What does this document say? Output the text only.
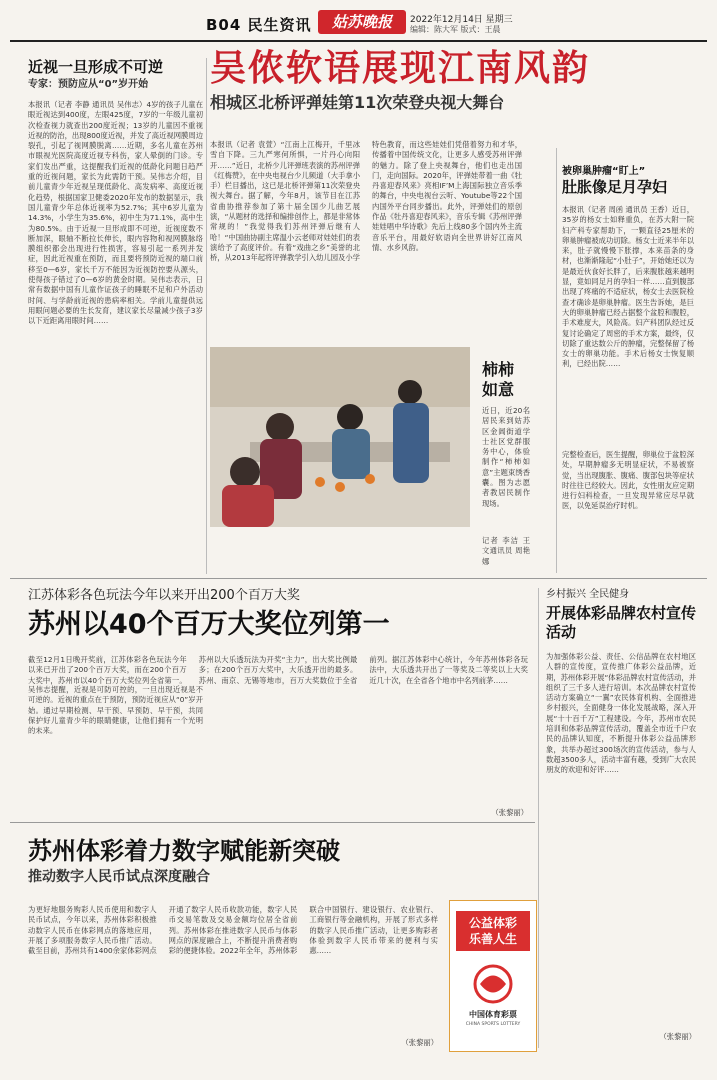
B04 民生资讯	姑苏晚报	2022年12月14日 星期三
编辑：陈大军 版式：王晨
近视一旦形成不可逆
专家：预防应从“0”岁开始
本报讯（记者 李静 通讯员 吴伟志）4岁的孩子儿童在眼近视达到400度，左眼425度，7岁的一年级儿童初次检查视力就查出200度近视；13岁的儿童因不重视近视的防治，出现800度近视，并发了高近视网膜周边裂孔，引起了视网膜脱离……近期，多名儿童在苏州市眼视光医院高度近视专科伤，家人晕倒的门诊。专家们发出严重，这提醒我们近视的低龄化问题日趋严重的近视问题，家长为此需防干预。吴伟志介绍，目前儿童青少年近视呈现低龄化、高发病率、高度近视化趋势，根据国家卫健委2020年发布的数据显示，我国儿童青少年总体近视率为52.7%；其中6岁儿童为14.3%，小学生为35.6%，初中生为71.1%，高中生为80.5%。由于近视一旦形成即不可逆，近视度数不断加深，眼轴不断拉长伸长，眼内容物和视网膜脉络膜组织都会出现进行性损害，容易引起一系列并发症，因此近视重在预防，而且要将预防近视的端口前移至0—6岁，家长千万不能因为近视防控要从源头，使得孩子错过了0—6岁的黄金时期。吴伟志表示，日常有数据中国有儿童作证孩子的睡眠不足和户外活动时间、与学龄前近视的患病率相关。学前儿童提供远用眼问题必要的生长发育，建议家长尽量减少孩子3岁以下近距离用眼时间……
吴伟志提醒，近视是可防可控的，一旦出现近视是不可逆的。近视的重点在于预防，预防近视应从“0”岁开始。通过早期检测、早干预、早预防、早干预，共同保护好儿童青少年的眼睛健康，让他们拥有一个光明的未来。
吴侬软语展现江南风韵
相城区北桥评弹娃第11次荣登央视大舞台
本报讯（记者 袁萱）“江南上江梅开，千里冰雪自下降。三九严寒何所惧，一片丹心向阳开……”近日，北桥少儿评弹班表演的苏州评弹《红梅赞》，在中央电视台少儿频道（大手拿小手）栏目播出，这已是北桥评弹第11次荣登央视大舞台。据了解，今年8月，该节目在江苏省曲协推荐参加了第十届全国少儿曲艺展演，“从题材的选择和编排创作上，都是非常体常规的！”我觉得我们苏州评弹后继有人哈！“中国曲协副主席温小云老师对娃娃们的表演给予了高度评价。有着“戏曲之乡”美誉的北桥，从2013年起将评弹教学引入幼儿园及小学
特色教育，而这些娃娃们凭借着努力和才华，传播着中国传统文化，让更多人感受苏州评弹的魅力。除了登上央视舞台，他们也走出国门，走向国际。2020年，评弹娃带着一曲《牡丹喜迎春风来》亮相IF’M上海国际独立音乐季的舞台，中央电视台云听、Youtube等22个国内国外平台同步播出。此外，评弹娃们的原创作品《牡丹喜迎春风来》，音乐专辑《苏州评弹娃娃唱中华诗歌》先后上线80多个国内外主流音乐平台，用最好软语向全世界讲好江南风情、水乡风韵。
柿柿如意
近日，近20名居民来到姑苏区金阊街道学士社区党群服务中心，体验制作“柿柿如意”主题束绣香囊。图为志愿者教居民制作现场。
记者 李洁 王文通讯员 周艳娜
被卵巢肿瘤“盯上”
肚胀像足月孕妇
本报讯（记者 周函 通讯员 王香）近日，35岁的杨女士如释重负，在苏大附一院妇产科专家帮助下，一颗直径25厘米的卵巢肿瘤被成功切除。杨女士近来半年以来，肚子就慢慢下胀撑，本来苗条的身材，也渐渐隆起“小肚子”，开始她还以为是最近伙食好长胖了，后来腹胀越来越明显，竟如同足月的孕妇一样……直到腹部出现了疼痛的不适症状，杨女士去医院检查才确诊是卵巢肿瘤。医生告诉她，是巨大的卵巢肿瘤已经占据整个盆腔和腹腔，手术难度大，风险高。妇产科团队经过反复讨论确定了周密的手术方案，最终，仅切除了重达数公斤的肿瘤，完整保留了杨女士的卵巢功能。手术后杨女士恢复顺利，已经出院……
完整检查后，医生提醒，卵巢位于盆腔深处，早期肿瘤多无明显症状，不易被察觉，当出现腹胀、腹痛、腹部包块等症状时往往已经较大。因此，女性朋友应定期进行妇科检查，一旦发现异常应尽早就医，以免延误治疗时机。
江苏体彩各色玩法今年以来开出200个百万大奖
苏州以40个百万大奖位列第一
截至12月1日晚开奖前，江苏体彩各色玩法今年以来已开出了200个百万大奖，而在200个百万大奖中，苏州市以40个百万大奖位列全省第一。苏州以大乐透玩法为开奖“主力”，出大奖比例最多；在200个百万大奖中，大乐透开出的最多。苏州、南京、无锡等地市，百万大奖数位于全省前列。据江苏体彩中心统计，今年苏州体彩各玩法中，大乐透共开出了一等奖及二等奖以上大奖近几十次，在全省各个地市中名列前茅……
（张黎丽）
乡村振兴 全民健身
开展体彩品牌农村宣传活动
为加强体彩公益、责任、公信品牌在农村地区人群的宣传度，宣传推广体彩公益品牌，近期，苏州体彩开展“体彩品牌农村宣传活动，并组织了三千多人进行培训。本次品牌农村宣传活动方案确立“一翼”农民体育机构、全面推进乡村振兴，全面健身一体化发展战略，深入开展“十十百千万”工程建设。今年，苏州市农民培训和体彩品牌宣传活动，覆盖全市近千户农民的品牌认知度，不断提升体彩公益品牌形象，共举办超过300场次的宣传活动，参与人数超3500多人，活动丰富有趣，受到广大农民朋友的欢迎和好评……
（张黎丽）
苏州体彩着力数字赋能新突破
推动数字人民币试点深度融合
为更好地服务购彩人民币使用和数字人民币试点，今年以来，苏州体彩积极推动数字人民币在体彩网点的落地应用，开展了多项服务数字人民币推广活动。截至目前，苏州共有1400余家体彩网点开通了数字人民币收款功能，数字人民币交易笔数及交易金额均位居全省前列。苏州体彩在推进数字人民币与体彩网点的深度融合上，不断提升消费者购彩的便捷体验。2022年全年，苏州体彩联合中国银行、建设银行、农业银行、工商银行等金融机构，开展了形式多样的数字人民币推广活动，让更多购彩者体验到数字人民币带来的便利与实惠……
（张黎丽）
公益体彩
乐善人生
中国体育彩票
CHINA SPORTS LOTTERY
